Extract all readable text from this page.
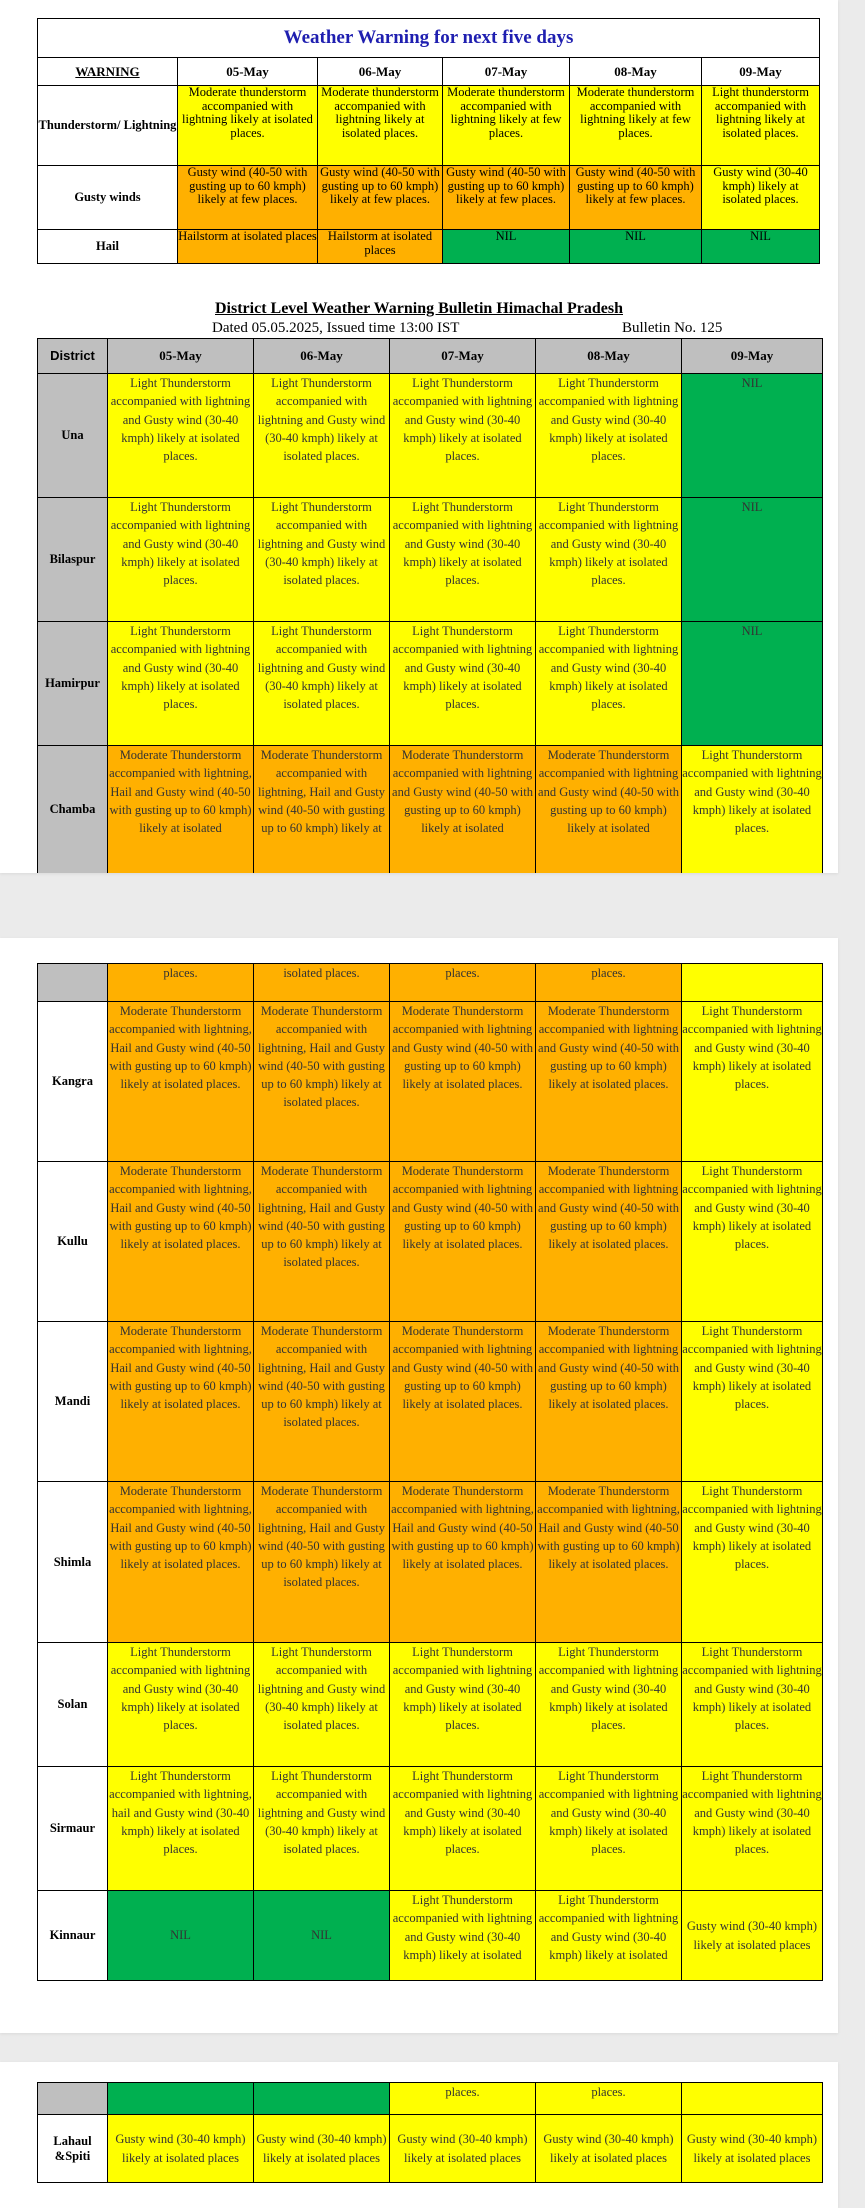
Weather Warning for next five days					
WARNING	05-May	06-May	07-May	08-May	09-May
Thunderstorm/ Lightning	Moderate thunderstorm accompanied with lightning likely at isolated places.	Moderate thunderstorm accompanied with lightning likely at isolated places.	Moderate thunderstorm accompanied with lightning likely at few places.	Moderate thunderstorm accompanied with lightning likely at few places.	Light thunderstorm accompanied with lightning likely at isolated places.
Gusty winds	Gusty wind (40-50 with gusting up to 60 kmph) likely at few places.	Gusty wind (40-50 with gusting up to 60 kmph) likely at few places.	Gusty wind (40-50 with gusting up to 60 kmph) likely at few places.	Gusty wind (40-50 with gusting up to 60 kmph) likely at few places.	Gusty wind (30-40 kmph) likely at isolated places.
Hail	Hailstorm at isolated places	Hailstorm at isolated places	NIL	NIL	NIL
District Level Weather Warning Bulletin Himachal Pradesh
Dated 05.05.2025, Issued time 13:00 IST	Bulletin No. 125
District	05-May	06-May	07-May	08-May	09-May
Una	Light Thunderstorm accompanied with lightning and Gusty wind (30-40 kmph) likely at isolated places.	Light Thunderstorm accompanied with lightning and Gusty wind (30-40 kmph) likely at isolated places.	Light Thunderstorm accompanied with lightning and Gusty wind (30-40 kmph) likely at isolated places.	Light Thunderstorm accompanied with lightning and Gusty wind (30-40 kmph) likely at isolated places.	NIL
Bilaspur	Light Thunderstorm accompanied with lightning and Gusty wind (30-40 kmph) likely at isolated places.	Light Thunderstorm accompanied with lightning and Gusty wind (30-40 kmph) likely at isolated places.	Light Thunderstorm accompanied with lightning and Gusty wind (30-40 kmph) likely at isolated places.	Light Thunderstorm accompanied with lightning and Gusty wind (30-40 kmph) likely at isolated places.	NIL
Hamirpur	Light Thunderstorm accompanied with lightning and Gusty wind (30-40 kmph) likely at isolated places.	Light Thunderstorm accompanied with lightning and Gusty wind (30-40 kmph) likely at isolated places.	Light Thunderstorm accompanied with lightning and Gusty wind (30-40 kmph) likely at isolated places.	Light Thunderstorm accompanied with lightning and Gusty wind (30-40 kmph) likely at isolated places.	NIL
Chamba	Moderate Thunderstorm accompanied with lightning, Hail and Gusty wind (40-50 with gusting up to 60 kmph) likely at isolated	Moderate Thunderstorm accompanied with lightning, Hail and Gusty wind (40-50 with gusting up to 60 kmph) likely at	Moderate Thunderstorm accompanied with lightning and Gusty wind (40-50 with gusting up to 60 kmph) likely at isolated	Moderate Thunderstorm accompanied with lightning and Gusty wind (40-50 with gusting up to 60 kmph) likely at isolated	Light Thunderstorm accompanied with lightning and Gusty wind (30-40 kmph) likely at isolated places.
	places.	isolated places.	places.	places.	
Kangra	Moderate Thunderstorm accompanied with lightning, Hail and Gusty wind (40-50 with gusting up to 60 kmph) likely at isolated places.	Moderate Thunderstorm accompanied with lightning, Hail and Gusty wind (40-50 with gusting up to 60 kmph) likely at isolated places.	Moderate Thunderstorm accompanied with lightning and Gusty wind (40-50 with gusting up to 60 kmph) likely at isolated places.	Moderate Thunderstorm accompanied with lightning and Gusty wind (40-50 with gusting up to 60 kmph) likely at isolated places.	Light Thunderstorm accompanied with lightning and Gusty wind (30-40 kmph) likely at isolated places.
Kullu	Moderate Thunderstorm accompanied with lightning, Hail and Gusty wind (40-50 with gusting up to 60 kmph) likely at isolated places.	Moderate Thunderstorm accompanied with lightning, Hail and Gusty wind (40-50 with gusting up to 60 kmph) likely at isolated places.	Moderate Thunderstorm accompanied with lightning and Gusty wind (40-50 with gusting up to 60 kmph) likely at isolated places.	Moderate Thunderstorm accompanied with lightning and Gusty wind (40-50 with gusting up to 60 kmph) likely at isolated places.	Light Thunderstorm accompanied with lightning and Gusty wind (30-40 kmph) likely at isolated places.
Mandi	Moderate Thunderstorm accompanied with lightning, Hail and Gusty wind (40-50 with gusting up to 60 kmph) likely at isolated places.	Moderate Thunderstorm accompanied with lightning, Hail and Gusty wind (40-50 with gusting up to 60 kmph) likely at isolated places.	Moderate Thunderstorm accompanied with lightning and Gusty wind (40-50 with gusting up to 60 kmph) likely at isolated places.	Moderate Thunderstorm accompanied with lightning and Gusty wind (40-50 with gusting up to 60 kmph) likely at isolated places.	Light Thunderstorm accompanied with lightning and Gusty wind (30-40 kmph) likely at isolated places.
Shimla	Moderate Thunderstorm accompanied with lightning, Hail and Gusty wind (40-50 with gusting up to 60 kmph) likely at isolated places.	Moderate Thunderstorm accompanied with lightning, Hail and Gusty wind (40-50 with gusting up to 60 kmph) likely at isolated places.	Moderate Thunderstorm accompanied with lightning, Hail and Gusty wind (40-50 with gusting up to 60 kmph) likely at isolated places.	Moderate Thunderstorm accompanied with lightning, Hail and Gusty wind (40-50 with gusting up to 60 kmph) likely at isolated places.	Light Thunderstorm accompanied with lightning and Gusty wind (30-40 kmph) likely at isolated places.
Solan	Light Thunderstorm accompanied with lightning and Gusty wind (30-40 kmph) likely at isolated places.	Light Thunderstorm accompanied with lightning and Gusty wind (30-40 kmph) likely at isolated places.	Light Thunderstorm accompanied with lightning and Gusty wind (30-40 kmph) likely at isolated places.	Light Thunderstorm accompanied with lightning and Gusty wind (30-40 kmph) likely at isolated places.	Light Thunderstorm accompanied with lightning and Gusty wind (30-40 kmph) likely at isolated places.
Sirmaur	Light Thunderstorm accompanied with lightning, hail and Gusty wind (30-40 kmph) likely at isolated places.	Light Thunderstorm accompanied with lightning and Gusty wind (30-40 kmph) likely at isolated places.	Light Thunderstorm accompanied with lightning and Gusty wind (30-40 kmph) likely at isolated places.	Light Thunderstorm accompanied with lightning and Gusty wind (30-40 kmph) likely at isolated places.	Light Thunderstorm accompanied with lightning and Gusty wind (30-40 kmph) likely at isolated places.
Kinnaur	NIL	NIL	Light Thunderstorm accompanied with lightning and Gusty wind (30-40 kmph) likely at isolated	Light Thunderstorm accompanied with lightning and Gusty wind (30-40 kmph) likely at isolated	Gusty wind (30-40 kmph) likely at isolated places
			places.	places.	
Lahaul &Spiti	Gusty wind (30-40 kmph) likely at isolated places	Gusty wind (30-40 kmph) likely at isolated places	Gusty wind (30-40 kmph) likely at isolated places	Gusty wind (30-40 kmph) likely at isolated places	Gusty wind (30-40 kmph) likely at isolated places
